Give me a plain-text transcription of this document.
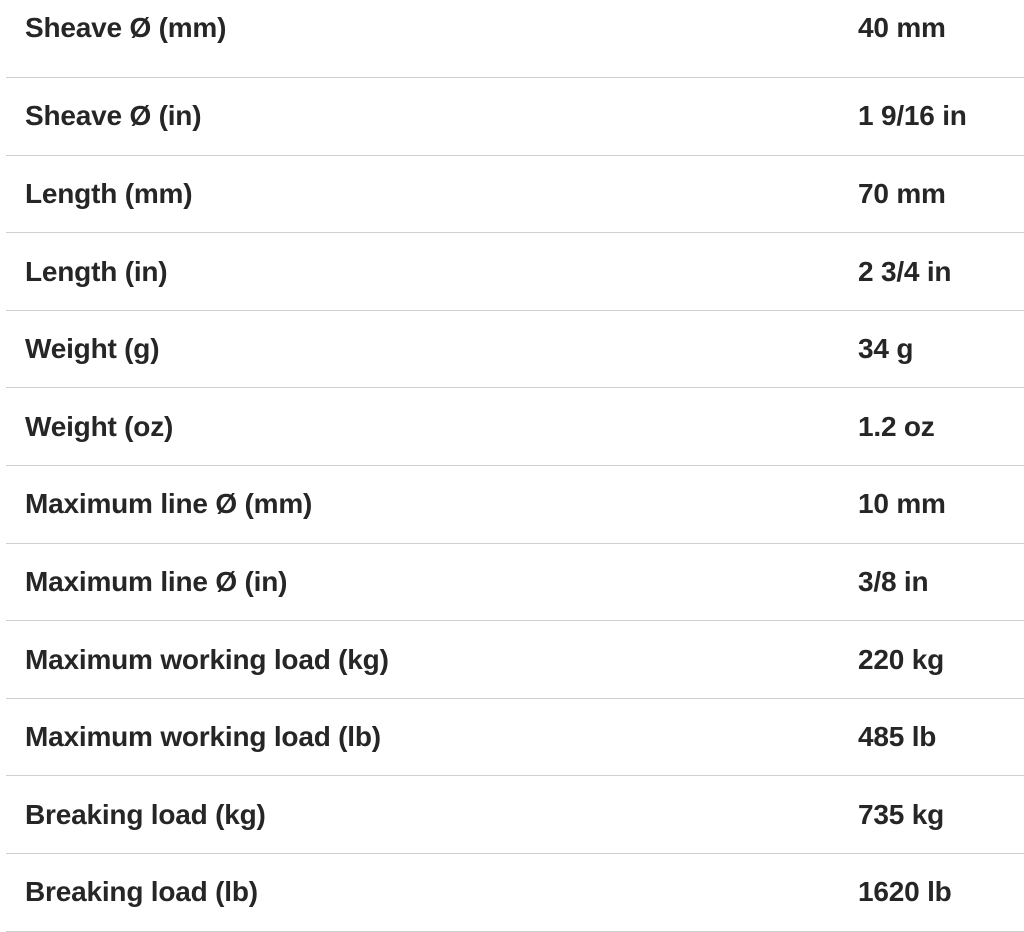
Sheave Ø (mm)	40 mm
Sheave Ø (in)	1 9/16 in
Length (mm)	70 mm
Length (in)	2 3/4 in
Weight (g)	34 g
Weight (oz)	1.2 oz
Maximum line Ø (mm)	10 mm
Maximum line Ø (in)	3/8 in
Maximum working load (kg)	220 kg
Maximum working load (lb)	485 lb
Breaking load (kg)	735 kg
Breaking load (lb)	1620 lb
